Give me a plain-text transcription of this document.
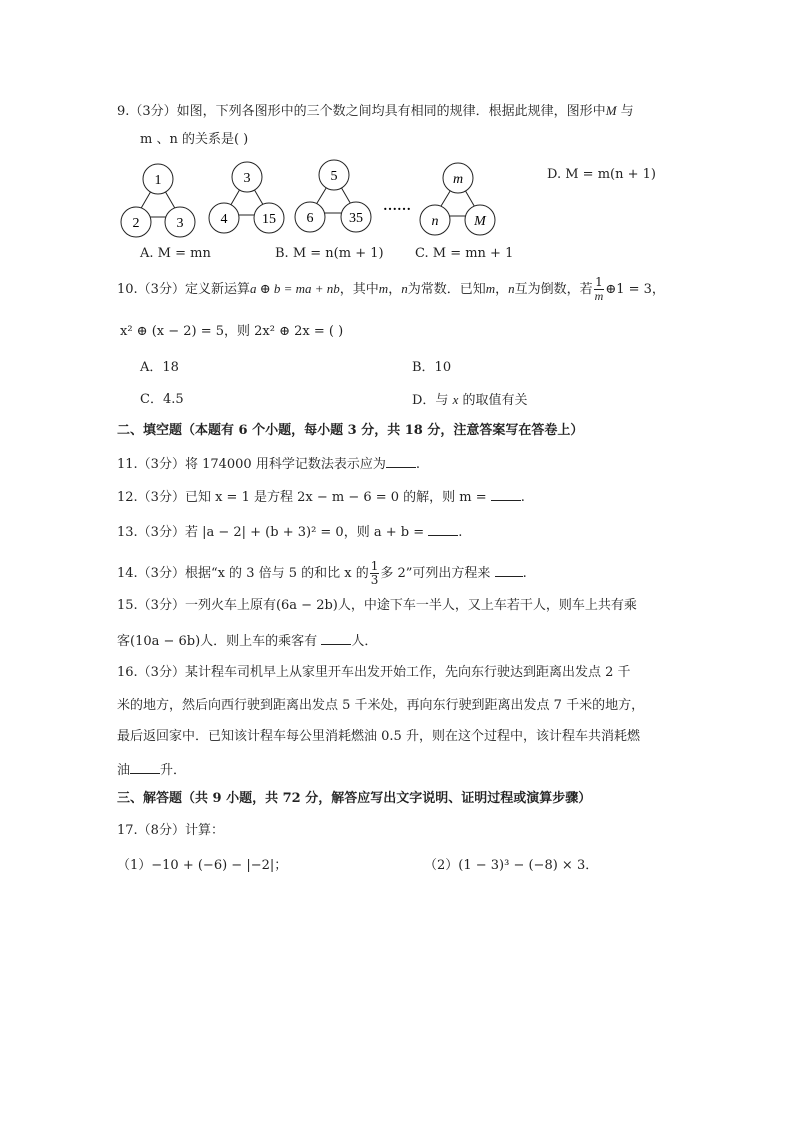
9.（3分）如图，下列各图形中的三个数之间均具有相同的规律．根据此规律，图形中M 与
m 、n 的关系是( )
1
2	3
3
4 15
5
6	35
……
m
n	M
D. M = m(n + 1)
A. M = mn	B. M = n(m + 1) C. M = mn + 1
10.（3分）定义新运算a ⊕ b = ma + nb，其中m，n为常数．已知m，n互为倒数，若 $\frac{1}{m}$ ⊕1 = 3，
x² ⊕ (x − 2) = 5，则 2x² ⊕ 2x = ( )
A．18	B．10
C．4.5	D．与 x 的取值有关
二、填空题（本题有 6 个小题，每小题 3 分，共 18 分，注意答案写在答卷上）
11.（3分）将 174000 用科学记数法表示应为 .
12.（3分）已知 x = 1 是方程 2x − m − 6 = 0 的解，则 m = .
13.（3分）若 |a − 2| + (b + 3)² = 0，则 a + b = .
14.（3分）根据“x 的 3 倍与 5 的和比 x 的 $\frac{1}{3}$ 多 2”可列出方程来 .
15.（3分）一列火车上原有(6a − 2b)人，中途下车一半人，又上车若干人，则车上共有乘
客(10a − 6b)人．则上车的乘客有 人．
16.（3分）某计程车司机早上从家里开车出发开始工作，先向东行驶达到距离出发点 2 千
米的地方，然后向西行驶到距离出发点 5 千米处，再向东行驶到距离出发点 7 千米的地方，
最后返回家中．已知该计程车每公里消耗燃油 0.5 升，则在这个过程中，该计程车共消耗燃
油 升．
三、解答题（共 9 小题，共 72 分，解答应写出文字说明、证明过程或演算步骤）
17.（8分）计算：
（1）−10 + (−6) − |−2|；	（2）(1 − 3)³ − (−8) × 3．
